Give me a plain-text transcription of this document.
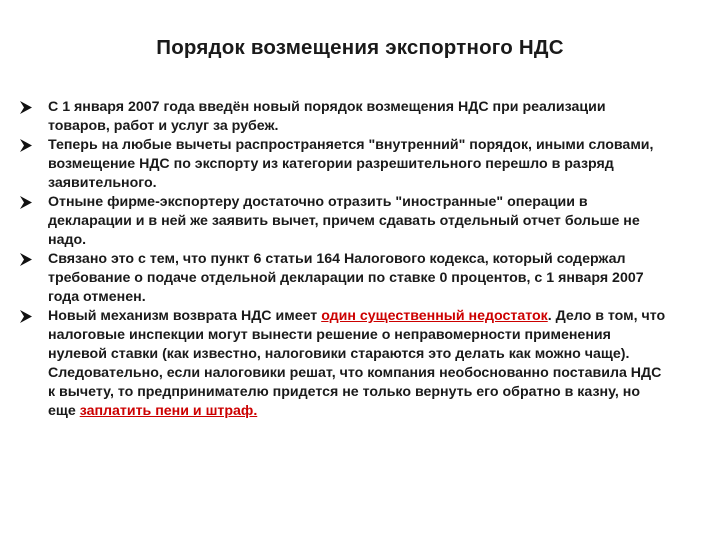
Порядок возмещения экспортного НДС
С 1 января 2007 года введён новый порядок возмещения НДС при реализации товаров, работ и услуг за рубеж.
Теперь на любые вычеты распространяется "внутренний" порядок, иными словами, возмещение НДС по экспорту из категории разрешительного перешло в разряд заявительного.
Отныне фирме-экспортеру достаточно отразить "иностранные" операции в декларации и в ней же заявить вычет, причем сдавать отдельный отчет больше не надо.
Связано это с тем, что пункт 6 статьи 164 Налогового кодекса, который содержал требование о подаче отдельной декларации по ставке 0 процентов, с 1 января 2007 года отменен.
Новый механизм возврата НДС имеет один существенный недостаток. Дело в том, что налоговые инспекции могут вынести решение о неправомерности применения нулевой ставки (как известно, налоговики стараются это делать как можно чаще). Следовательно, если налоговики решат, что компания необоснованно поставила НДС к вычету, то предпринимателю придется не только вернуть его обратно в казну, но еще заплатить пени и штраф.
